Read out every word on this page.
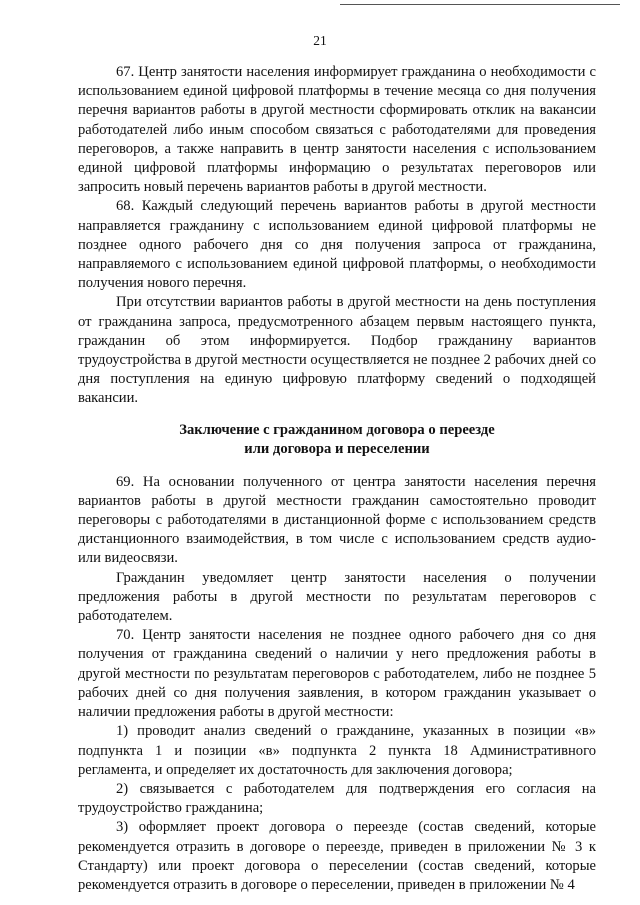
21

67. Центр занятости населения информирует гражданина о необходимости с использованием единой цифровой платформы в течение месяца со дня получения перечня вариантов работы в другой местности сформировать отклик на вакансии работодателей либо иным способом связаться с работодателями для проведения переговоров, а также направить в центр занятости населения с использованием единой цифровой платформы информацию о результатах переговоров или запросить новый перечень вариантов работы в другой местности.

68. Каждый следующий перечень вариантов работы в другой местности направляется гражданину с использованием единой цифровой платформы не позднее одного рабочего дня со дня получения запроса от гражданина, направляемого с использованием единой цифровой платформы, о необходимости получения нового перечня.

При отсутствии вариантов работы в другой местности на день поступления от гражданина запроса, предусмотренного абзацем первым настоящего пункта, гражданин об этом информируется. Подбор гражданину вариантов трудоустройства в другой местности осуществляется не позднее 2 рабочих дней со дня поступления на единую цифровую платформу сведений о подходящей вакансии.

Заключение с гражданином договора о переезде
или договора и переселении

69. На основании полученного от центра занятости населения перечня вариантов работы в другой местности гражданин самостоятельно проводит переговоры с работодателями в дистанционной форме с использованием средств дистанционного взаимодействия, в том числе с использованием средств аудио- или видеосвязи.

Гражданин уведомляет центр занятости населения о получении предложения работы в другой местности по результатам переговоров с работодателем.

70. Центр занятости населения не позднее одного рабочего дня со дня получения от гражданина сведений о наличии у него предложения работы в другой местности по результатам переговоров с работодателем, либо не позднее 5 рабочих дней со дня получения заявления, в котором гражданин указывает о наличии предложения работы в другой местности:

1) проводит анализ сведений о гражданине, указанных в позиции «в» подпункта 1 и позиции «в» подпункта 2 пункта 18 Административного регламента, и определяет их достаточность для заключения договора;

2) связывается с работодателем для подтверждения его согласия на трудоустройство гражданина;

3) оформляет проект договора о переезде (состав сведений, которые рекомендуется отразить в договоре о переезде, приведен в приложении № 3 к Стандарту) или проект договора о переселении (состав сведений, которые рекомендуется отразить в договоре о переселении, приведен в приложении № 4
